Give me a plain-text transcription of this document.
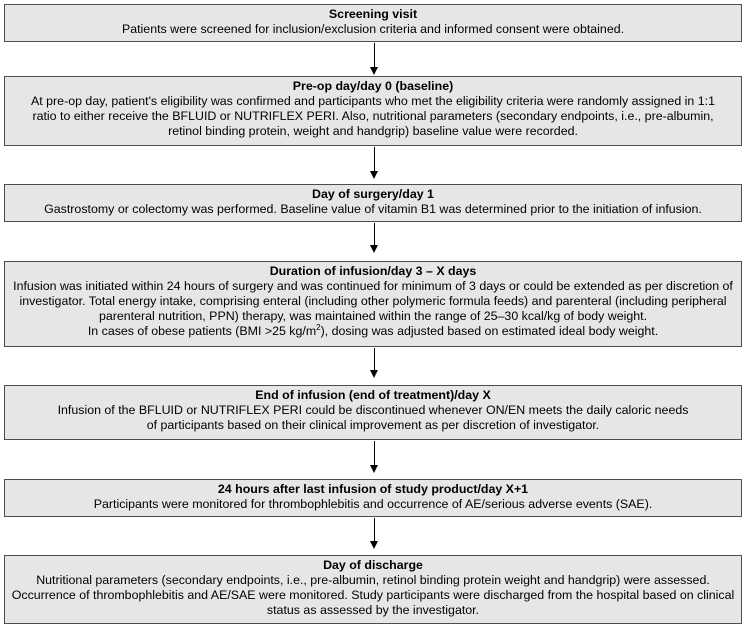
Screening visit
Patients were screened for inclusion/exclusion criteria and informed consent were obtained.
Pre-op day/day 0 (baseline)
At pre-op day, patient's eligibility was confirmed and participants who met the eligibility criteria were randomly assigned in 1:1 ratio to either receive the BFLUID or NUTRIFLEX PERI. Also, nutritional parameters (secondary endpoints, i.e., pre-albumin, retinol binding protein, weight and handgrip) baseline value were recorded.
Day of surgery/day 1
Gastrostomy or colectomy was performed. Baseline value of vitamin B1 was determined prior to the initiation of infusion.
Duration of infusion/day 3 – X days
Infusion was initiated within 24 hours of surgery and was continued for minimum of 3 days or could be extended as per discretion of investigator. Total energy intake, comprising enteral (including other polymeric formula feeds) and parenteral (including peripheral parenteral nutrition, PPN) therapy, was maintained within the range of 25–30 kcal/kg of body weight.
In cases of obese patients (BMI >25 $kg/m^2$), dosing was adjusted based on estimated ideal body weight.
End of infusion (end of treatment)/day X
Infusion of the BFLUID or NUTRIFLEX PERI could be discontinued whenever ON/EN meets the daily caloric needs of participants based on their clinical improvement as per discretion of investigator.
24 hours after last infusion of study product/day X+1
Participants were monitored for thrombophlebitis and occurrence of AE/serious adverse events (SAE).
Day of discharge
Nutritional parameters (secondary endpoints, i.e., pre-albumin, retinol binding protein weight and handgrip) were assessed. Occurrence of thrombophlebitis and AE/SAE were monitored. Study participants were discharged from the hospital based on clinical status as assessed by the investigator.
